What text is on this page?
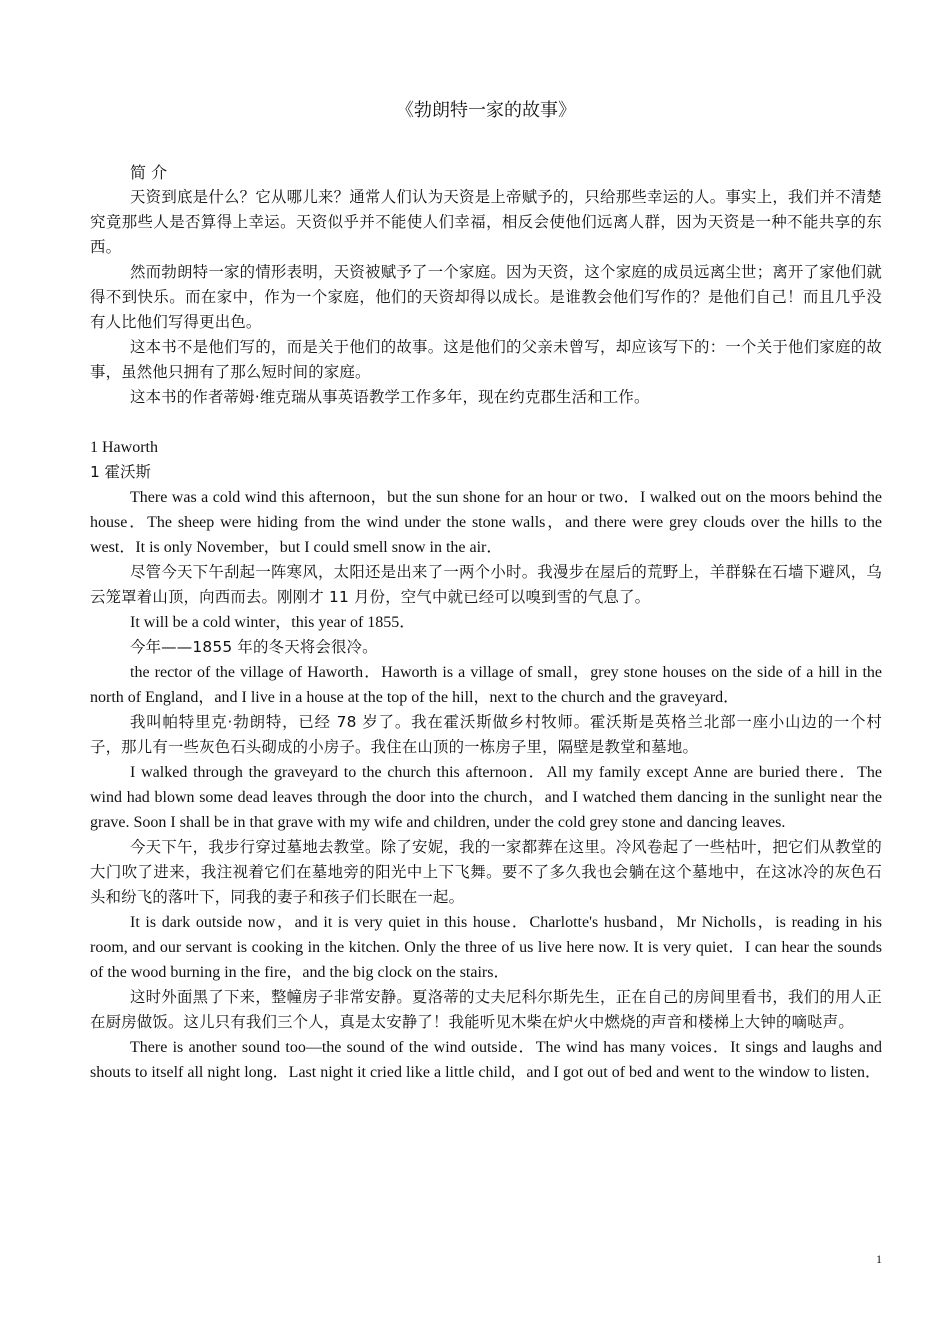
《勃朗特一家的故事》

简 介

天资到底是什么？它从哪儿来？通常人们认为天资是上帝赋予的，只给那些幸运的人。事实上，我们并不清楚究竟那些人是否算得上幸运。天资似乎并不能使人们幸福，相反会使他们远离人群，因为天资是一种不能共享的东西。

然而勃朗特一家的情形表明，天资被赋予了一个家庭。因为天资，这个家庭的成员远离尘世；离开了家他们就得不到快乐。而在家中，作为一个家庭，他们的天资却得以成长。是谁教会他们写作的？是他们自己！而且几乎没有人比他们写得更出色。

这本书不是他们写的，而是关于他们的故事。这是他们的父亲未曾写，却应该写下的：一个关于他们家庭的故事，虽然他只拥有了那么短时间的家庭。

这本书的作者蒂姆·维克瑞从事英语教学工作多年，现在约克郡生活和工作。

1 Haworth

1 霍沃斯

There was a cold wind this afternoon，but the sun shone for an hour or two．I walked out on the moors behind the house．The sheep were hiding from the wind under the stone walls，and there were grey clouds over the hills to the west．It is only November，but I could smell snow in the air．

尽管今天下午刮起一阵寒风，太阳还是出来了一两个小时。我漫步在屋后的荒野上，羊群躲在石墙下避风，乌云笼罩着山顶，向西而去。刚刚才 11 月份，空气中就已经可以嗅到雪的气息了。

It will be a cold winter，this year of 1855．

今年——1855 年的冬天将会很冷。

the rector of the village of Haworth．Haworth is a village of small，grey stone houses on the side of a hill in the north of England，and I live in a house at the top of the hill，next to the church and the graveyard．

我叫帕特里克·勃朗特，已经 78 岁了。我在霍沃斯做乡村牧师。霍沃斯是英格兰北部一座小山边的一个村子，那儿有一些灰色石头砌成的小房子。我住在山顶的一栋房子里，隔壁是教堂和墓地。

I walked through the graveyard to the church this afternoon．All my family except Anne are buried there．The wind had blown some dead leaves through the door into the church，and I watched them dancing in the sunlight near the grave. Soon I shall be in that grave with my wife and children, under the cold grey stone and dancing leaves.

今天下午，我步行穿过墓地去教堂。除了安妮，我的一家都葬在这里。冷风卷起了一些枯叶，把它们从教堂的大门吹了进来，我注视着它们在墓地旁的阳光中上下飞舞。要不了多久我也会躺在这个墓地中，在这冰冷的灰色石头和纷飞的落叶下，同我的妻子和孩子们长眠在一起。

It is dark outside now，and it is very quiet in this house．Charlotte's husband，Mr Nicholls，is reading in his room, and our servant is cooking in the kitchen. Only the three of us live here now. It is very quiet．I can hear the sounds of the wood burning in the fire，and the big clock on the stairs．

这时外面黑了下来，整幢房子非常安静。夏洛蒂的丈夫尼科尔斯先生，正在自己的房间里看书，我们的用人正在厨房做饭。这儿只有我们三个人，真是太安静了！我能听见木柴在炉火中燃烧的声音和楼梯上大钟的嘀哒声。

There is another sound too—the sound of the wind outside．The wind has many voices．It sings and laughs and shouts to itself all night long．Last night it cried like a little child，and I got out of bed and went to the window to listen．

1
